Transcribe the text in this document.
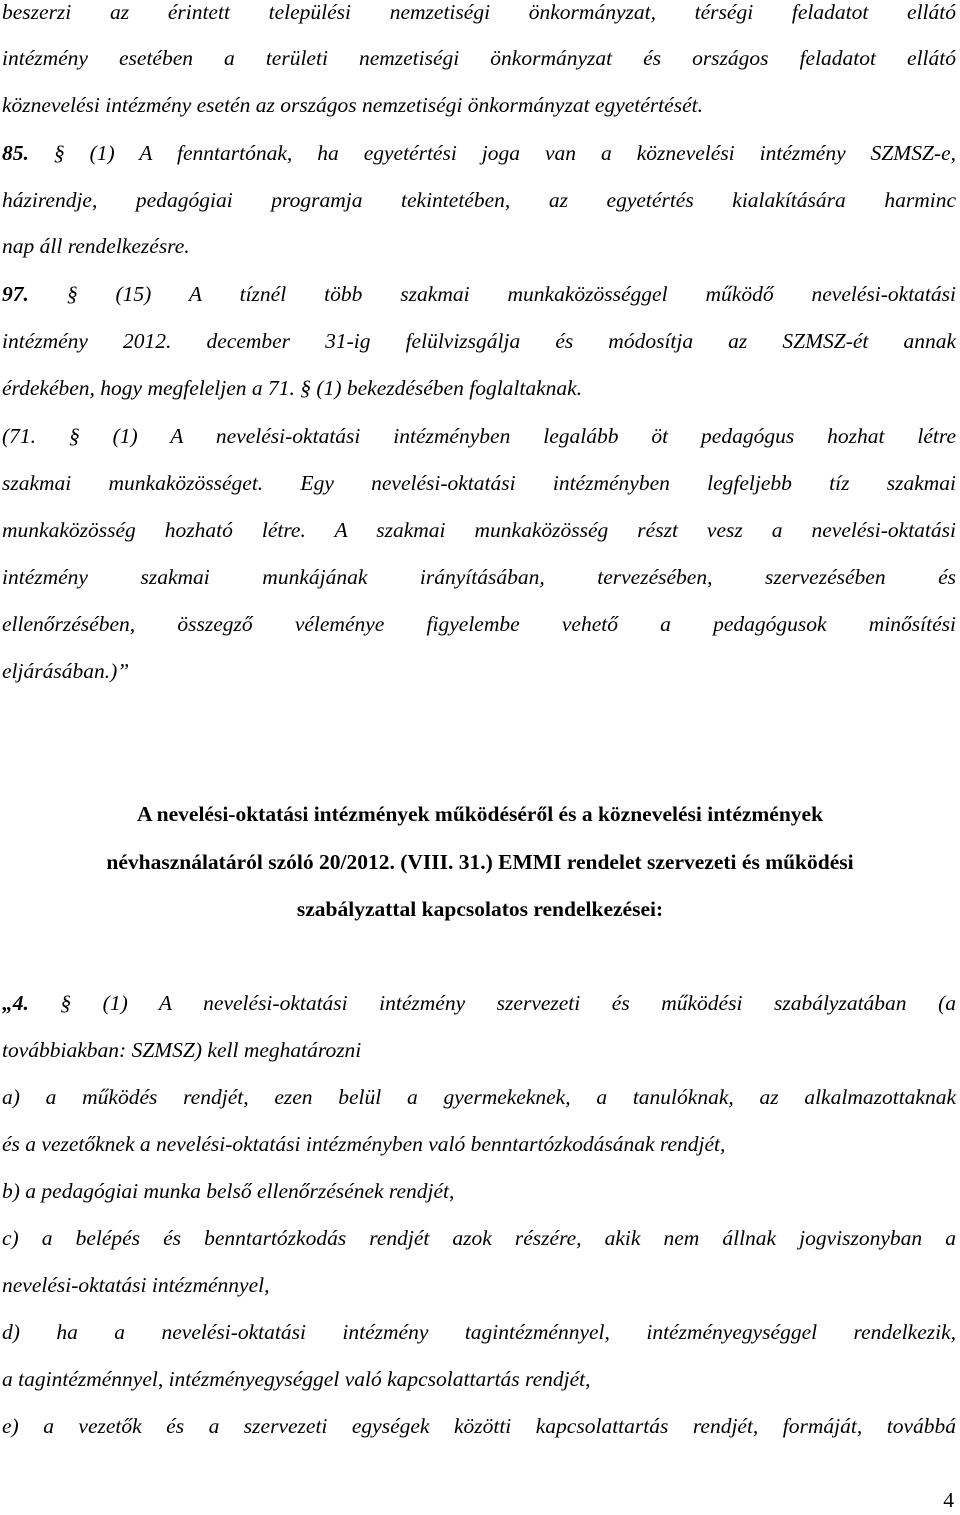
beszerzi az érintett települési nemzetiségi önkormányzat, térségi feladatot ellátó
intézmény esetében a területi nemzetiségi önkormányzat és országos feladatot ellátó
köznevelési intézmény esetén az országos nemzetiségi önkormányzat egyetértését.
85. § (1) A fenntartónak, ha egyetértési joga van a köznevelési intézmény SZMSZ-e,
házirendje, pedagógiai programja tekintetében, az egyetértés kialakítására harminc
nap áll rendelkezésre.
97. § (15) A tíznél több szakmai munkaközösséggel működő nevelési-oktatási
intézmény 2012. december 31-ig felülvizsgálja és módosítja az SZMSZ-ét annak
érdekében, hogy megfeleljen a 71. § (1) bekezdésében foglaltaknak.
(71. § (1) A nevelési-oktatási intézményben legalább öt pedagógus hozhat létre
szakmai munkaközösséget. Egy nevelési-oktatási intézményben legfeljebb tíz szakmai
munkaközösség hozható létre. A szakmai munkaközösség részt vesz a nevelési-oktatási
intézmény szakmai munkájának irányításában, tervezésében, szervezésében és
ellenőrzésében, összegző véleménye figyelembe vehető a pedagógusok minősítési
eljárásában.)”
A nevelési-oktatási intézmények működéséről és a köznevelési intézmények
névhasználatáról szóló 20/2012. (VIII. 31.) EMMI rendelet szervezeti és működési
szabályzattal kapcsolatos rendelkezései:
„4. § (1) A nevelési-oktatási intézmény szervezeti és működési szabályzatában (a
továbbiakban: SZMSZ) kell meghatározni
a) a működés rendjét, ezen belül a gyermekeknek, a tanulóknak, az alkalmazottaknak
és a vezetőknek a nevelési-oktatási intézményben való benntartózkodásának rendjét,
b) a pedagógiai munka belső ellenőrzésének rendjét,
c) a belépés és benntartózkodás rendjét azok részére, akik nem állnak jogviszonyban a
nevelési-oktatási intézménnyel,
d) ha a nevelési-oktatási intézmény tagintézménnyel, intézményegységgel rendelkezik,
a tagintézménnyel, intézményegységgel való kapcsolattartás rendjét,
e) a vezetők és a szervezeti egységek közötti kapcsolattartás rendjét, formáját, továbbá
4
